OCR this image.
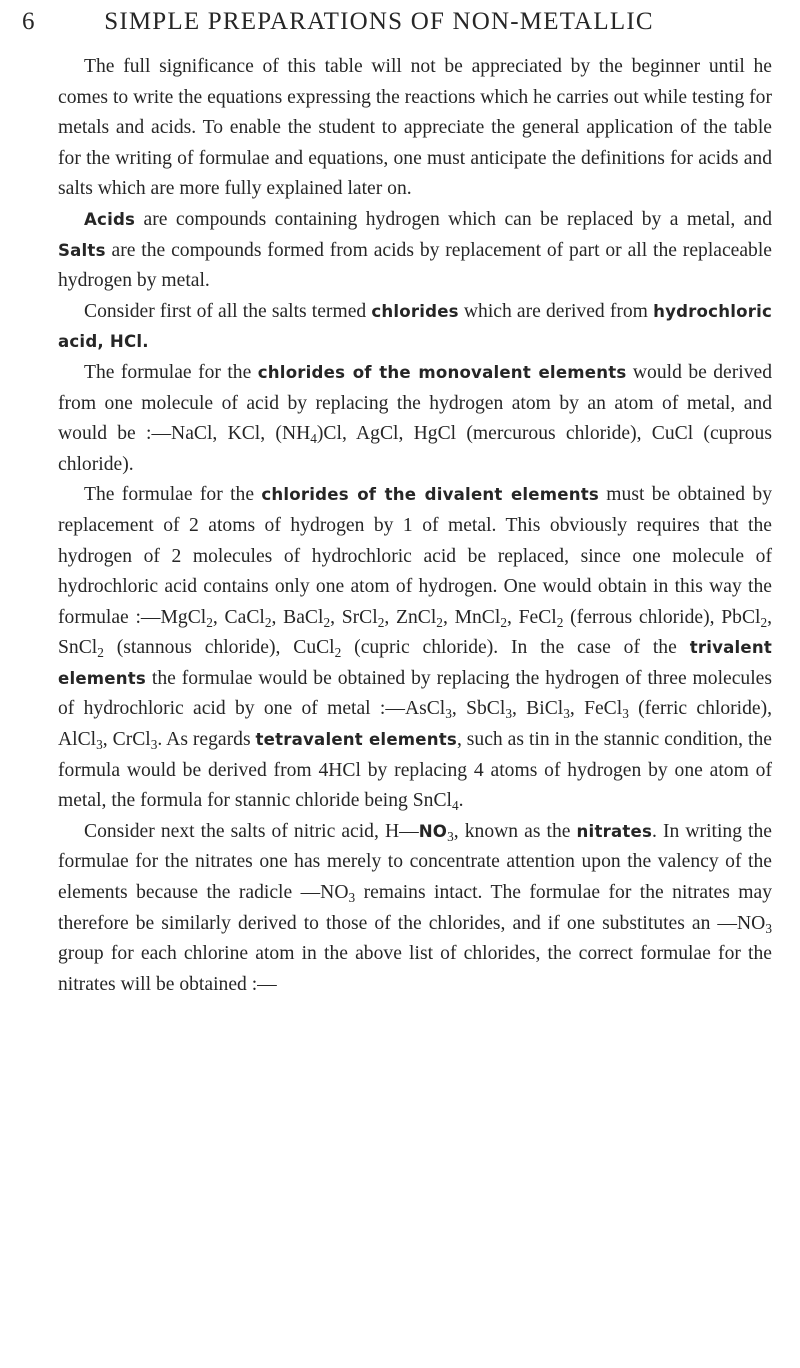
6	SIMPLE PREPARATIONS OF NON-METALLIC

The full significance of this table will not be appreciated by the beginner until he comes to write the equations expressing the reactions which he carries out while testing for metals and acids. To enable the student to appreciate the general application of the table for the writing of formulae and equations, one must anticipate the definitions for acids and salts which are more fully explained later on.

Acids are compounds containing hydrogen which can be replaced by a metal, and Salts are the compounds formed from acids by replacement of part or all the replaceable hydrogen by metal.

Consider first of all the salts termed chlorides which are derived from hydrochloric acid, HCl.

The formulae for the chlorides of the monovalent elements would be derived from one molecule of acid by replacing the hydrogen atom by an atom of metal, and would be :—NaCl, KCl, $(NH_4)Cl$, AgCl, HgCl (mercurous chloride), CuCl (cuprous chloride).

The formulae for the chlorides of the divalent elements must be obtained by replacement of 2 atoms of hydrogen by 1 of metal. This obviously requires that the hydrogen of 2 molecules of hydrochloric acid be replaced, since one molecule of hydrochloric acid contains only one atom of hydrogen. One would obtain in this way the formulae :—MgCl$_2$, CaCl$_2$, BaCl$_2$, SrCl$_2$, ZnCl$_2$, MnCl$_2$, FeCl$_2$ (ferrous chloride), PbCl$_2$, SnCl$_2$ (stannous chloride), CuCl$_2$ (cupric chloride). In the case of the trivalent elements the formulae would be obtained by replacing the hydrogen of three molecules of hydrochloric acid by one of metal :—AsCl$_3$, SbCl$_3$, BiCl$_3$, FeCl$_3$ (ferric chloride), AlCl$_3$, CrCl$_3$. As regards tetravalent elements, such as tin in the stannic condition, the formula would be derived from 4HCl by replacing 4 atoms of hydrogen by one atom of metal, the formula for stannic chloride being SnCl$_4$.

Consider next the salts of nitric acid, $H—NO_3$, known as the nitrates. In writing the formulae for the nitrates one has merely to concentrate attention upon the valency of the elements because the radicle $—NO_3$ remains intact. The formulae for the nitrates may therefore be similarly derived to those of the chlorides, and if one substitutes an $—NO_3$ group for each chlorine atom in the above list of chlorides, the correct formulae for the nitrates will be obtained :—
